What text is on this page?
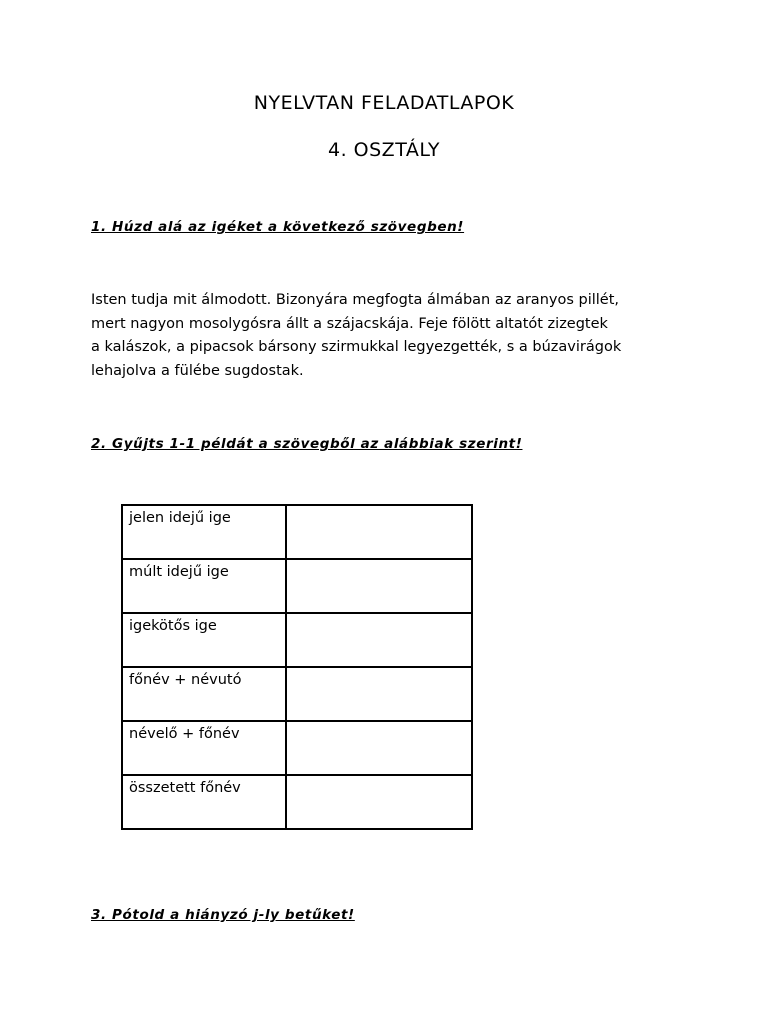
NYELVTAN FELADATLAPOK
4. OSZTÁLY
1. Húzd alá az igéket a következő szövegben!
Isten tudja mit álmodott. Bizonyára megfogta álmában az aranyos pillét,
mert nagyon mosolygósra állt a szájacskája. Feje fölött altatót zizegtek
a kalászok, a pipacsok bársony szirmukkal legyezgették, s a búzavirágok
lehajolva a fülébe sugdostak.
2. Gyűjts 1-1 példát a szövegből az alábbiak szerint!
jelen idejű ige	
múlt idejű ige	
igekötős ige	
főnév + névutó	
névelő + főnév	
összetett főnév	
3. Pótold a hiányzó j-ly betűket!
